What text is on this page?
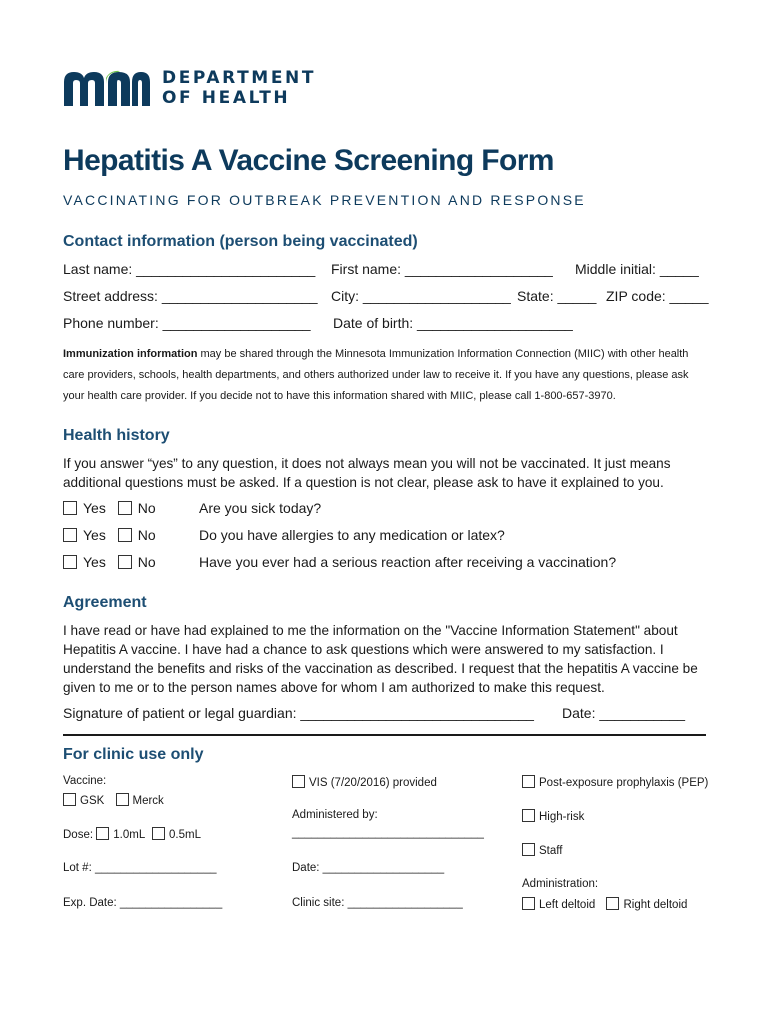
DEPARTMENT
OF HEALTH
Hepatitis A Vaccine Screening Form
VACCINATING FOR OUTBREAK PREVENTION AND RESPONSE
Contact information (person being vaccinated)
Last name: _______________________ First name: ___________________ Middle initial: _____
Street address: ____________________ City: ___________________ State: _____ ZIP code: _____
Phone number: ___________________ Date of birth: ____________________
Immunization information may be shared through the Minnesota Immunization Information Connection (MIIC) with other health care providers, schools, health departments, and others authorized under law to receive it. If you have any questions, please ask your health care provider. If you decide not to have this information shared with MIIC, please call 1-800-657-3970.
Health history
If you answer “yes” to any question, it does not always mean you will not be vaccinated. It just means additional questions must be asked. If a question is not clear, please ask to have it explained to you.
Yes No	Are you sick today?
Yes No	Do you have allergies to any medication or latex?
Yes No	Have you ever had a serious reaction after receiving a vaccination?
Agreement
I have read or have had explained to me the information on the "Vaccine Information Statement" about Hepatitis A vaccine. I have had a chance to ask questions which were answered to my satisfaction. I understand the benefits and risks of the vaccination as described. I request that the hepatitis A vaccine be given to me or to the person names above for whom I am authorized to make this request.
Signature of patient or legal guardian: ______________________________ Date: ___________
For clinic use only
Vaccine:
GSK Merck
Dose: 1.0mL 0.5mL
Lot #: ___________________
Exp. Date: ________________
VIS (7/20/2016) provided
Administered by:
______________________________
Date: ___________________
Clinic site: __________________
Post-exposure prophylaxis (PEP)
High-risk
Staff
Administration:
Left deltoid Right deltoid
